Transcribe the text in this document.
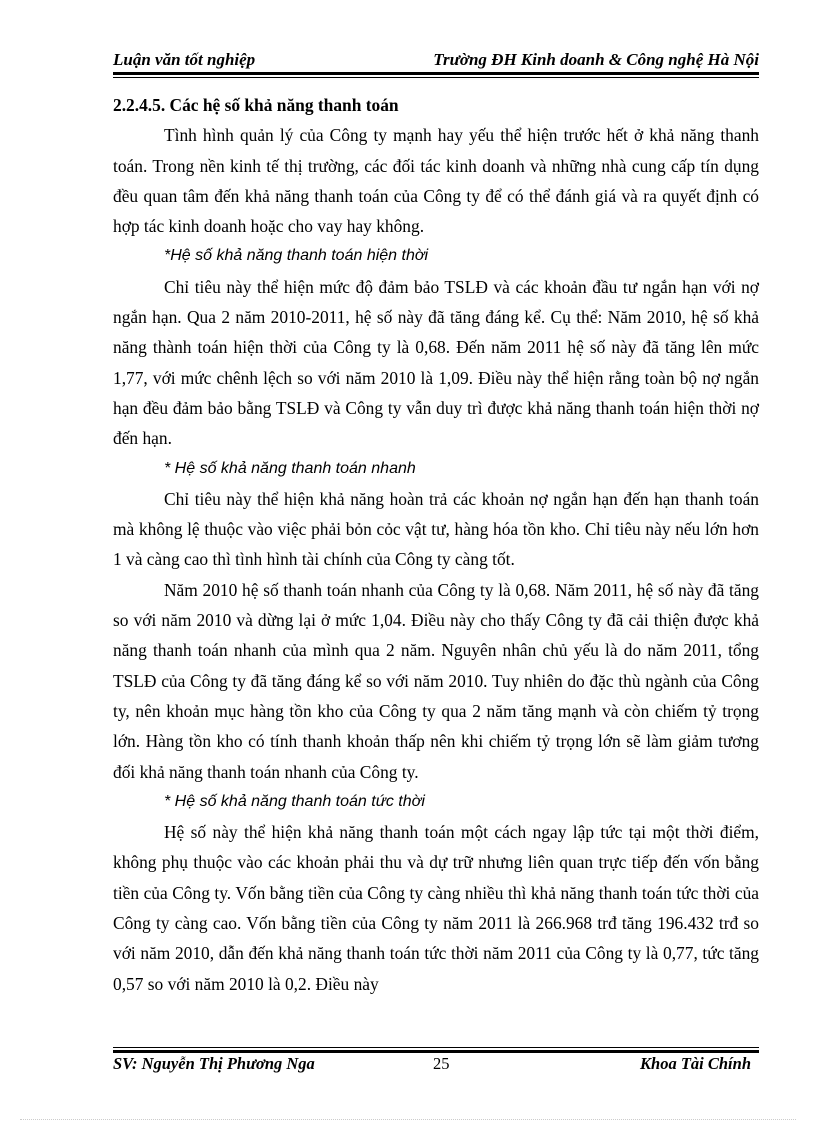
Luận văn tốt nghiệp	Trường ĐH Kinh doanh & Công nghệ Hà Nội

2.2.4.5. Các hệ số khả năng thanh toán

Tình hình quản lý của Công ty mạnh hay yếu thể hiện trước hết ở khả năng thanh toán. Trong nền kinh tế thị trường, các đối tác kinh doanh và những nhà cung cấp tín dụng đều quan tâm đến khả năng thanh toán của Công ty để có thể đánh giá và ra quyết định có hợp tác kinh doanh hoặc cho vay hay không.

*Hệ số khả năng thanh toán hiện thời

Chỉ tiêu này thể hiện mức độ đảm bảo TSLĐ và các khoản đầu tư ngắn hạn với nợ ngắn hạn. Qua 2 năm 2010-2011, hệ số này đã tăng đáng kể. Cụ thể: Năm 2010, hệ số khả năng thành toán hiện thời của Công ty là 0,68. Đến năm 2011 hệ số này đã tăng lên mức 1,77, với mức chênh lệch so với năm 2010 là 1,09. Điều này thể hiện rằng toàn bộ nợ ngắn hạn đều đảm bảo bằng TSLĐ và Công ty vẫn duy trì được khả năng thanh toán hiện thời nợ đến hạn.

* Hệ số khả năng thanh toán nhanh

Chỉ tiêu này thể hiện khả năng hoàn trả các khoản nợ ngắn hạn đến hạn thanh toán mà không lệ thuộc vào việc phải bỏn cỏc vật tư, hàng hóa tồn kho. Chỉ tiêu này nếu lớn hơn 1 và càng cao thì tình hình tài chính của Công ty càng tốt.

Năm 2010 hệ số thanh toán nhanh của Công ty là 0,68. Năm 2011, hệ số này đã tăng so với năm 2010 và dừng lại ở mức 1,04. Điều này cho thấy Công ty đã cải thiện được khả năng thanh toán nhanh của mình qua 2 năm. Nguyên nhân chủ yếu là do năm 2011, tổng TSLĐ của Công ty đã tăng đáng kể so với năm 2010. Tuy nhiên do đặc thù ngành của Công ty, nên khoản mục hàng tồn kho của Công ty qua 2 năm tăng mạnh và còn chiếm tỷ trọng lớn. Hàng tồn kho có tính thanh khoản thấp nên khi chiếm tỷ trọng lớn sẽ làm giảm tương đối khả năng thanh toán nhanh của Công ty.

* Hệ số khả năng thanh toán tức thời

Hệ số này thể hiện khả năng thanh toán một cách ngay lập tức tại một thời điểm, không phụ thuộc vào các khoản phải thu và dự trữ nhưng liên quan trực tiếp đến vốn bằng tiền của Công ty. Vốn bằng tiền của Công ty càng nhiều thì khả năng thanh toán tức thời của Công ty càng cao. Vốn bằng tiền của Công ty năm 2011 là 266.968 trđ tăng 196.432 trđ so với năm 2010, dẫn đến khả năng thanh toán tức thời năm 2011 của Công ty là 0,77, tức tăng 0,57 so với năm 2010 là 0,2. Điều này

SV: Nguyễn Thị Phương Nga	25	Khoa Tài Chính
